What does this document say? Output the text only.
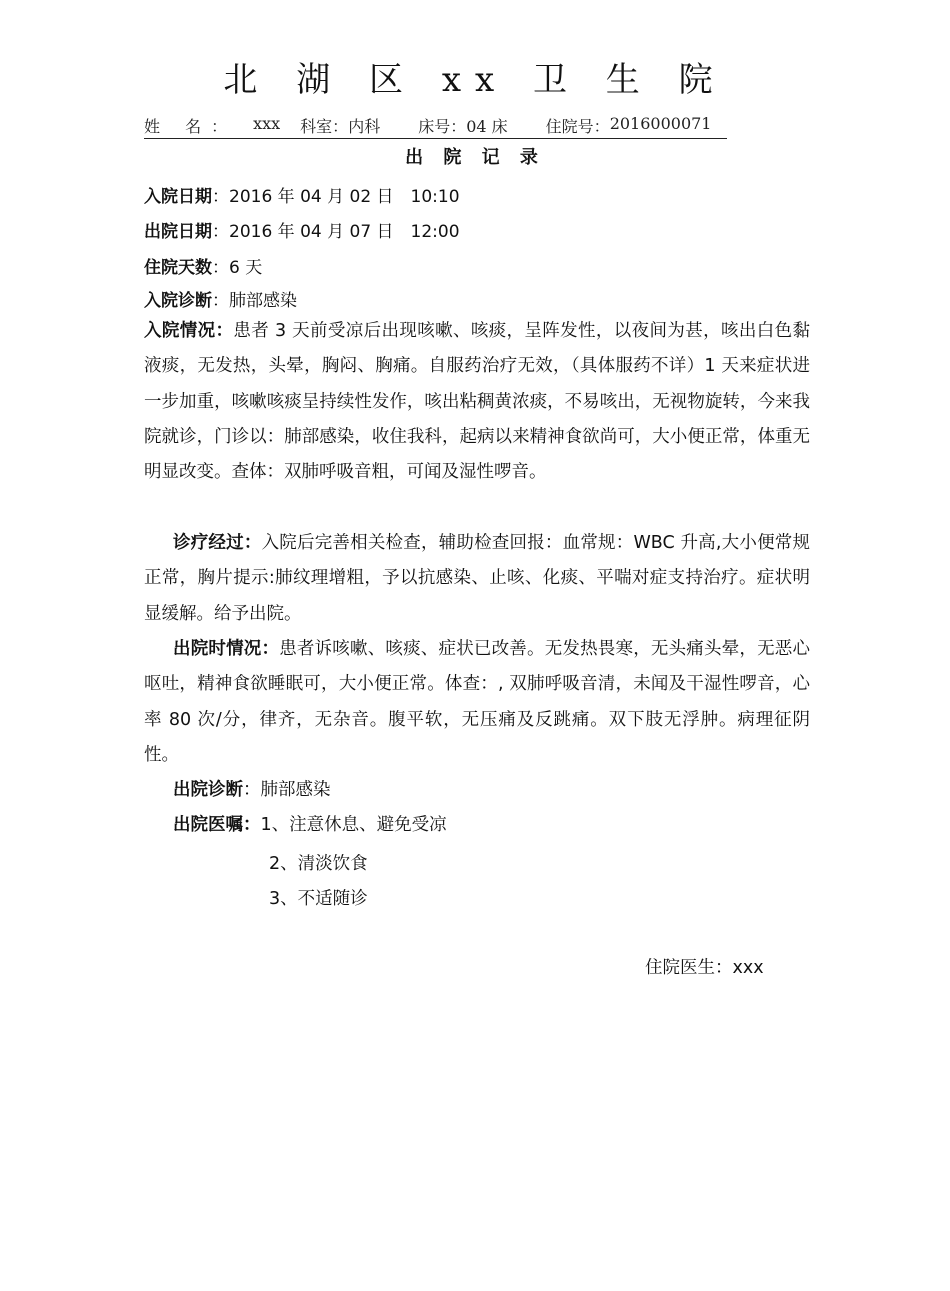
北 湖 区 xx 卫 生 院
姓 名： xxx 科室： 内科 床号： 04 床 住院号： 2016000071
出 院 记 录
入院日期：2016 年 04 月 02 日　10:10
出院日期：2016 年 04 月 07 日　12:00
住院天数：6 天
入院诊断：肺部感染
入院情况：患者 3 天前受凉后出现咳嗽、咳痰，呈阵发性，以夜间为甚，咳出白色黏液痰，无发热，头晕，胸闷、胸痛。自服药治疗无效，（具体服药不详）1 天来症状进一步加重，咳嗽咳痰呈持续性发作，咳出粘稠黄浓痰，不易咳出，无视物旋转，今来我院就诊，门诊以：肺部感染，收住我科，起病以来精神食欲尚可，大小便正常，体重无明显改变。查体：双肺呼吸音粗，可闻及湿性啰音。
诊疗经过：入院后完善相关检查，辅助检查回报：血常规：WBC 升高,大小便常规正常，胸片提示:肺纹理增粗，予以抗感染、止咳、化痰、平喘对症支持治疗。症状明显缓解。给予出院。
出院时情况：患者诉咳嗽、咳痰、症状已改善。无发热畏寒，无头痛头晕，无恶心呕吐，精神食欲睡眠可，大小便正常。体查：, 双肺呼吸音清，未闻及干湿性啰音，心率 80 次/分，律齐，无杂音。腹平软，无压痛及反跳痛。双下肢无浮肿。病理征阴性。
出院诊断：肺部感染
出院医嘱：1、注意休息、避免受凉
2、清淡饮食
3、不适随诊
住院医生：xxx
